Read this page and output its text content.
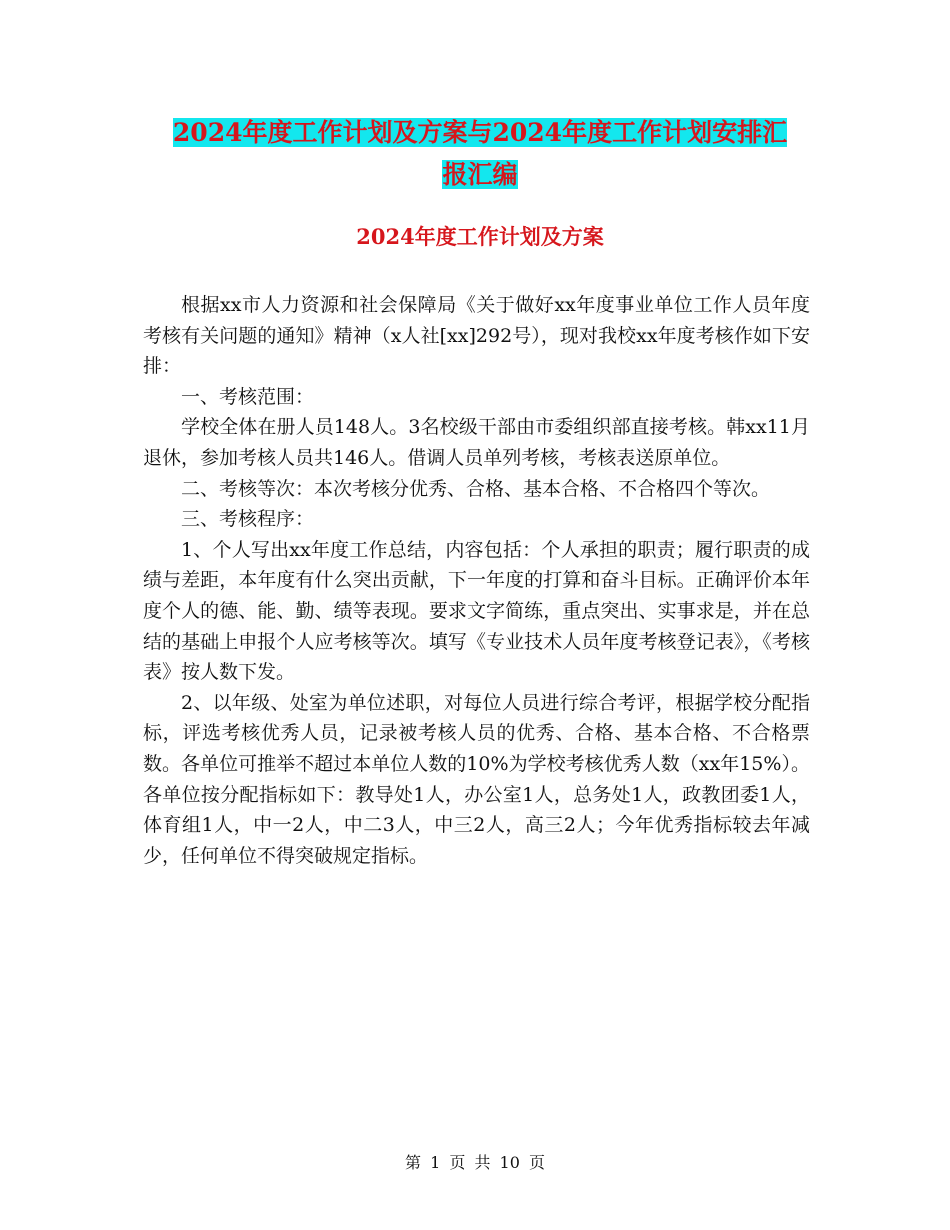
2024年度工作计划及方案与2024年度工作计划安排汇
报汇编
2024年度工作计划及方案

根据xx市人力资源和社会保障局《关于做好xx年度事业单位工作人员年度考核有关问题的通知》精神（x人社[xx]292号），现对我校xx年度考核作如下安排：

一、考核范围：

学校全体在册人员148人。3名校级干部由市委组织部直接考核。韩xx11月退休，参加考核人员共146人。借调人员单列考核，考核表送原单位。

二、考核等次：本次考核分优秀、合格、基本合格、不合格四个等次。

三、考核程序：

1、个人写出xx年度工作总结，内容包括：个人承担的职责；履行职责的成绩与差距，本年度有什么突出贡献，下一年度的打算和奋斗目标。正确评价本年度个人的德、能、勤、绩等表现。要求文字简练，重点突出、实事求是，并在总结的基础上申报个人应考核等次。填写《专业技术人员年度考核登记表》，《考核表》按人数下发。

2、以年级、处室为单位述职，对每位人员进行综合考评，根据学校分配指标，评选考核优秀人员，记录被考核人员的优秀、合格、基本合格、不合格票数。各单位可推举不超过本单位人数的10%为学校考核优秀人数（xx年15%）。各单位按分配指标如下：教导处1人，办公室1人，总务处1人，政教团委1人，体育组1人，中一2人，中二3人，中三2人，高三2人；今年优秀指标较去年减少，任何单位不得突破规定指标。

第 1 页 共 10 页
